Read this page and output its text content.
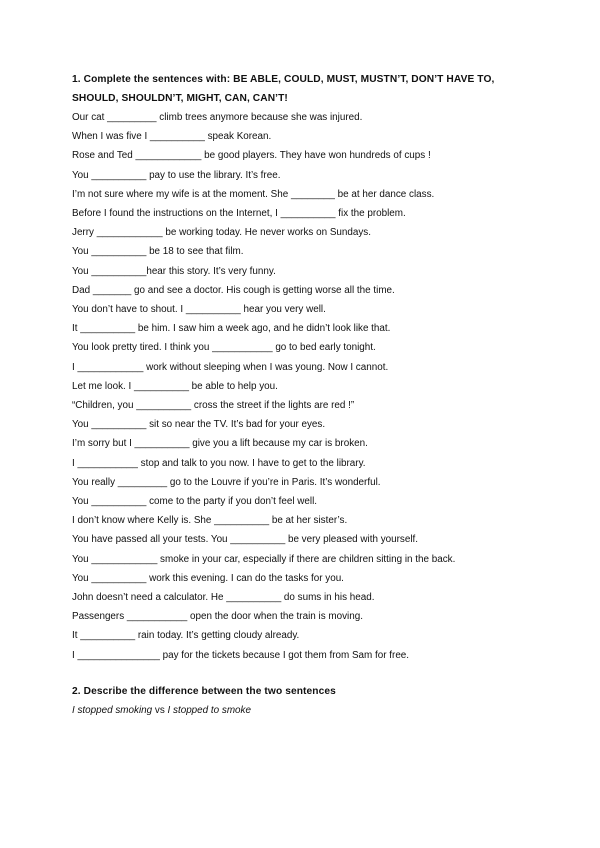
1. Complete the sentences with: BE ABLE, COULD, MUST, MUSTN’T, DON’T HAVE TO,

SHOULD, SHOULDN’T, MIGHT, CAN, CAN’T!

Our cat _________ climb trees anymore because she was injured.
When I was five I __________ speak Korean.
Rose and Ted ____________ be good players. They have won hundreds of cups !
You __________ pay to use the library. It’s free.
I’m not sure where my wife is at the moment. She ________ be at her dance class.
Before I found the instructions on the Internet, I __________ fix the problem.
Jerry ____________ be working today. He never works on Sundays.
You __________ be 18 to see that film.
You __________hear this story. It’s very funny.
Dad _______ go and see a doctor. His cough is getting worse all the time.
You don’t have to shout. I __________ hear you very well.
It __________ be him. I saw him a week ago, and he didn’t look like that.
You look pretty tired. I think you ___________ go to bed early tonight.
I ____________ work without sleeping when I was young. Now I cannot.
Let me look. I __________ be able to help you.
“Children, you __________ cross the street if the lights are red !”
You __________ sit so near the TV. It’s bad for your eyes.
I’m sorry but I __________ give you a lift because my car is broken.
I ___________ stop and talk to you now. I have to get to the library.
You really _________ go to the Louvre if you’re in Paris. It’s wonderful.
You __________ come to the party if you don’t feel well.
I don’t know where Kelly is. She __________ be at her sister’s.
You have passed all your tests. You __________ be very pleased with yourself.
You ____________ smoke in your car, especially if there are children sitting in the back.
You __________ work this evening. I can do the tasks for you.
John doesn’t need a calculator. He __________ do sums in his head.
Passengers ___________ open the door when the train is moving.
It __________ rain today. It’s getting cloudy already.
I _______________ pay for the tickets because I got them from Sam for free.

2. Describe the difference between the two sentences

I stopped smoking vs I stopped to smoke
